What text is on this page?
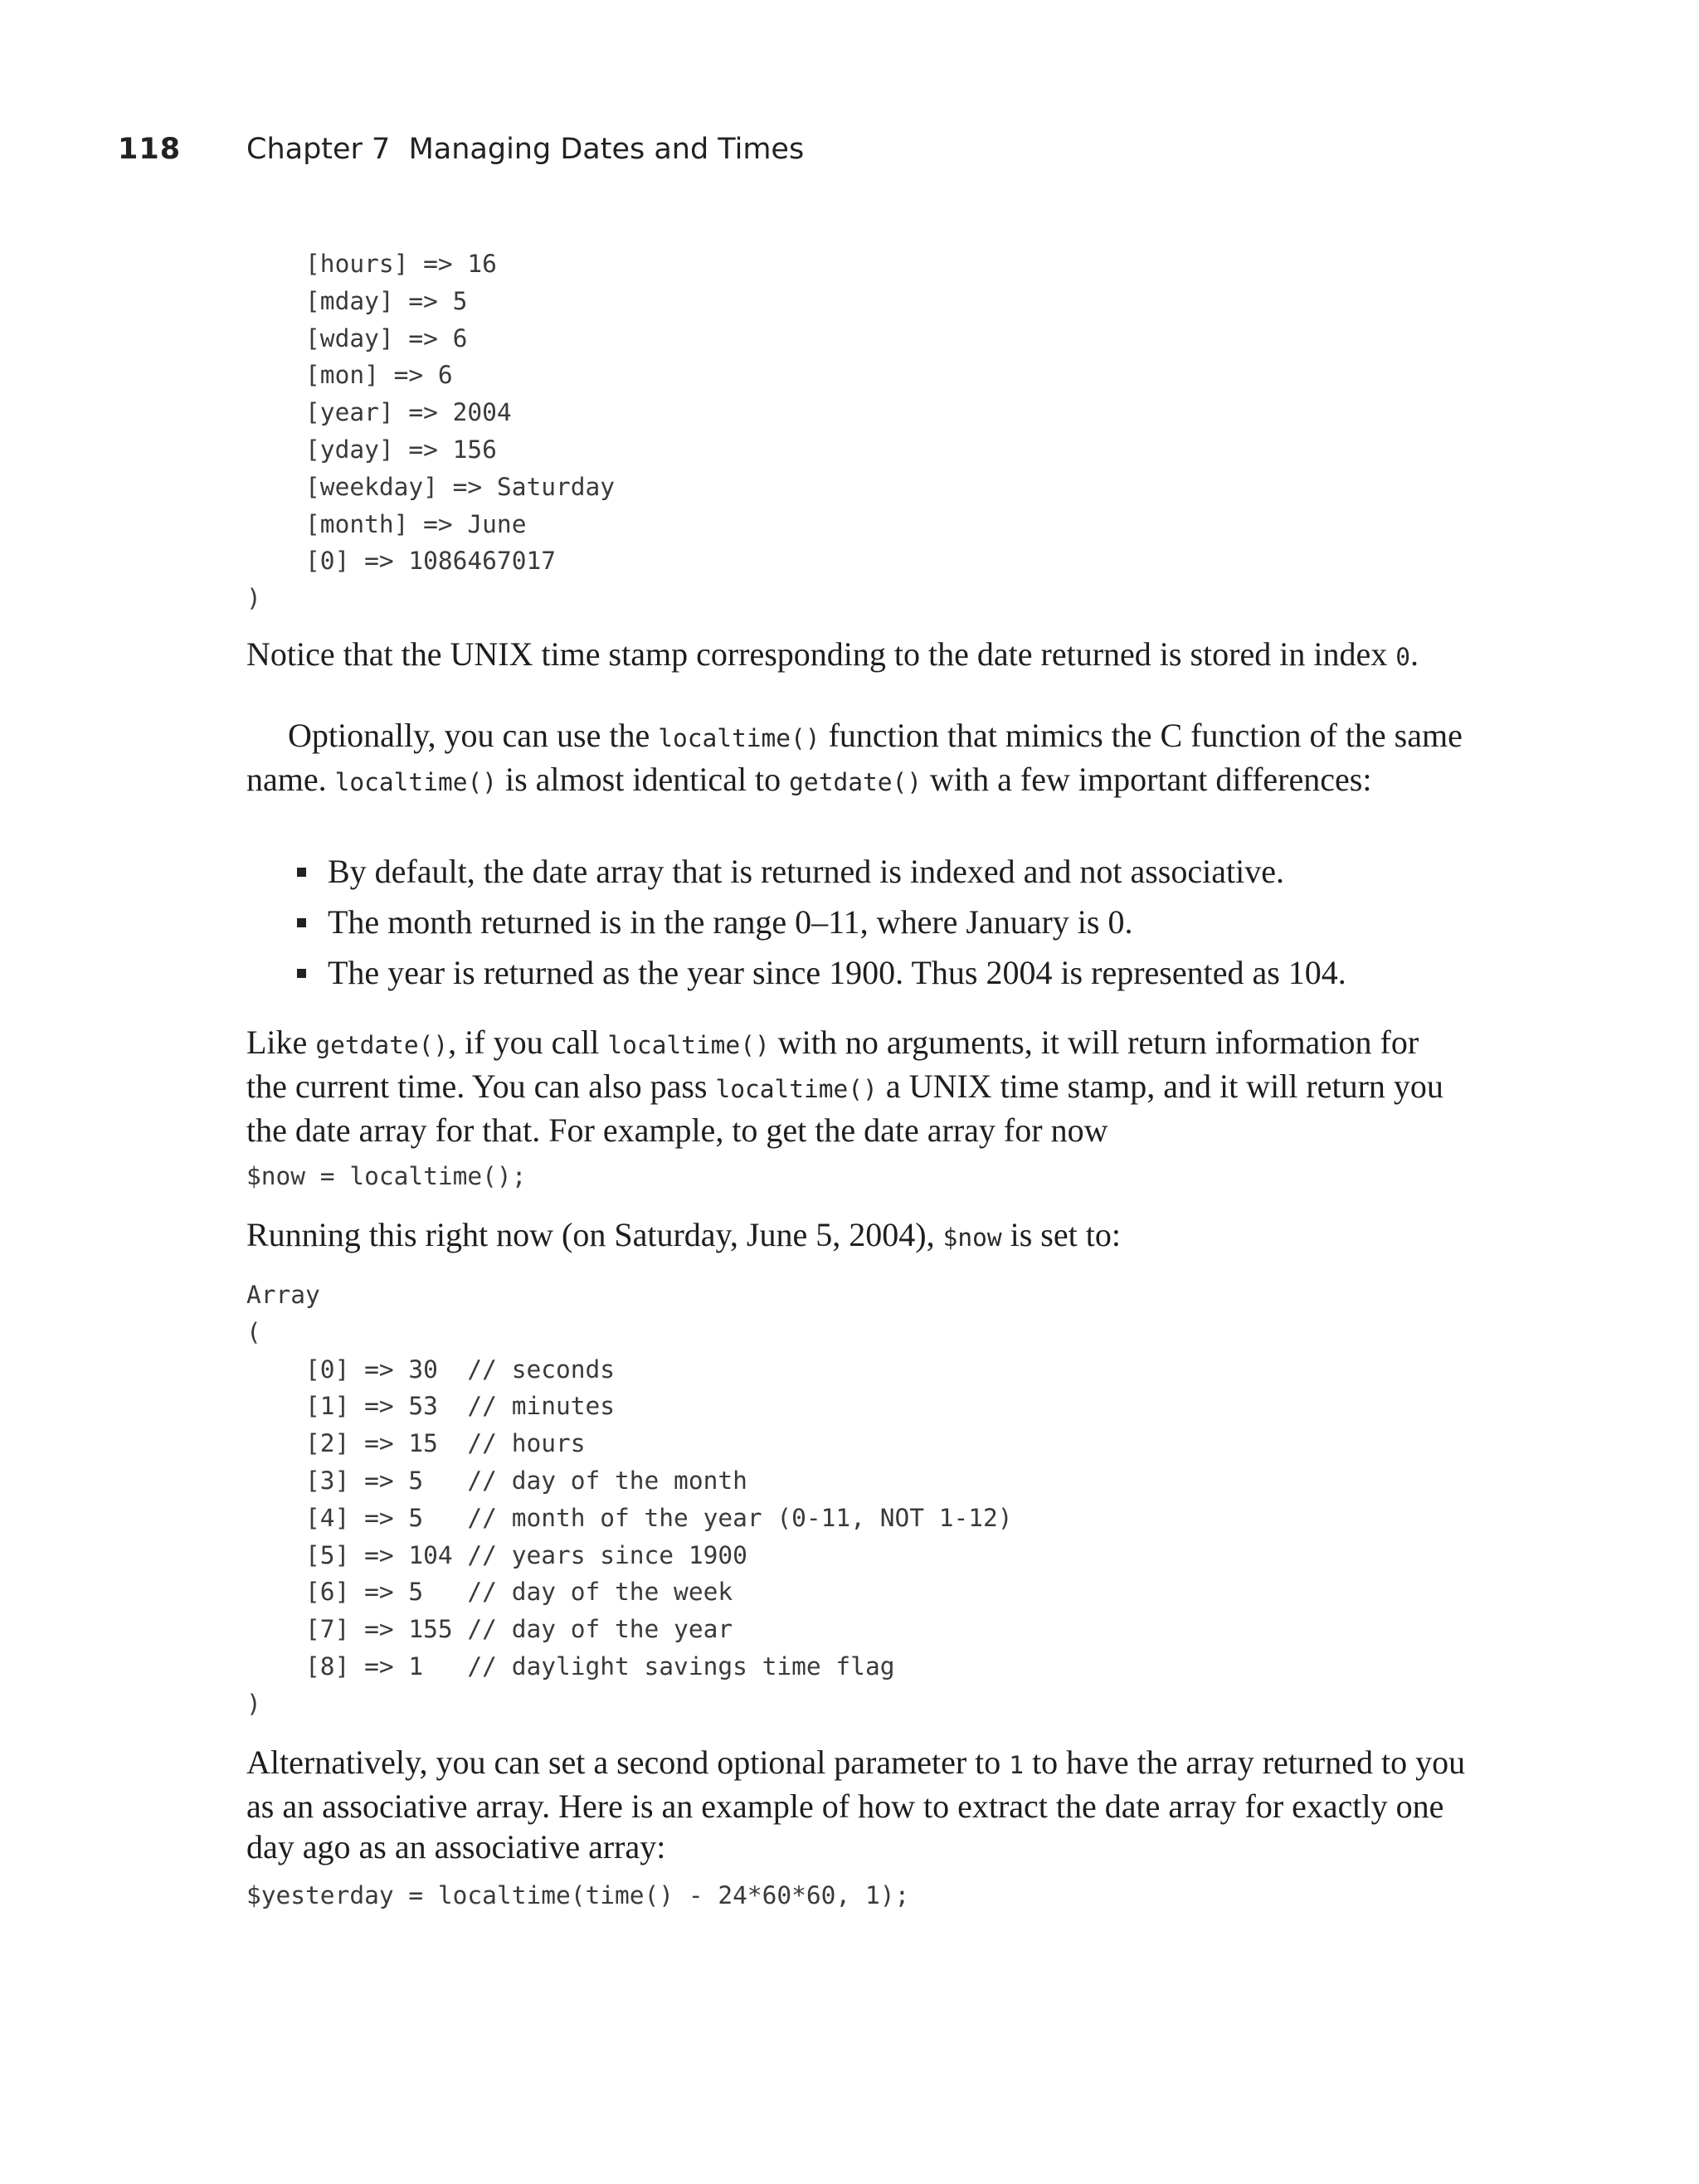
118 Chapter 7  Managing Dates and Times
[hours] => 16
[mday] => 5
[wday] => 6
[mon] => 6
[year] => 2004
[yday] => 156
[weekday] => Saturday
[month] => June
[0] => 1086467017
)

Notice that the UNIX time stamp corresponding to the date returned is stored in index 0.

Optionally, you can use the localtime() function that mimics the C function of the same name. localtime() is almost identical to getdate() with a few important differences:

By default, the date array that is returned is indexed and not associative.
The month returned is in the range 0–11, where January is 0.
The year is returned as the year since 1900. Thus 2004 is represented as 104.

Like getdate(), if you call localtime() with no arguments, it will return information for the current time. You can also pass localtime() a UNIX time stamp, and it will return you the date array for that. For example, to get the date array for now

$now = localtime();

Running this right now (on Saturday, June 5, 2004), $now is set to:

Array
(
[0] => 30  // seconds
[1] => 53  // minutes
[2] => 15  // hours
[3] => 5   // day of the month
[4] => 5   // month of the year (0-11, NOT 1-12)
[5] => 104 // years since 1900
[6] => 5   // day of the week
[7] => 155 // day of the year
[8] => 1   // daylight savings time flag
)

Alternatively, you can set a second optional parameter to 1 to have the array returned to you as an associative array. Here is an example of how to extract the date array for exactly one day ago as an associative array:

$yesterday = localtime(time() - 24*60*60, 1);
